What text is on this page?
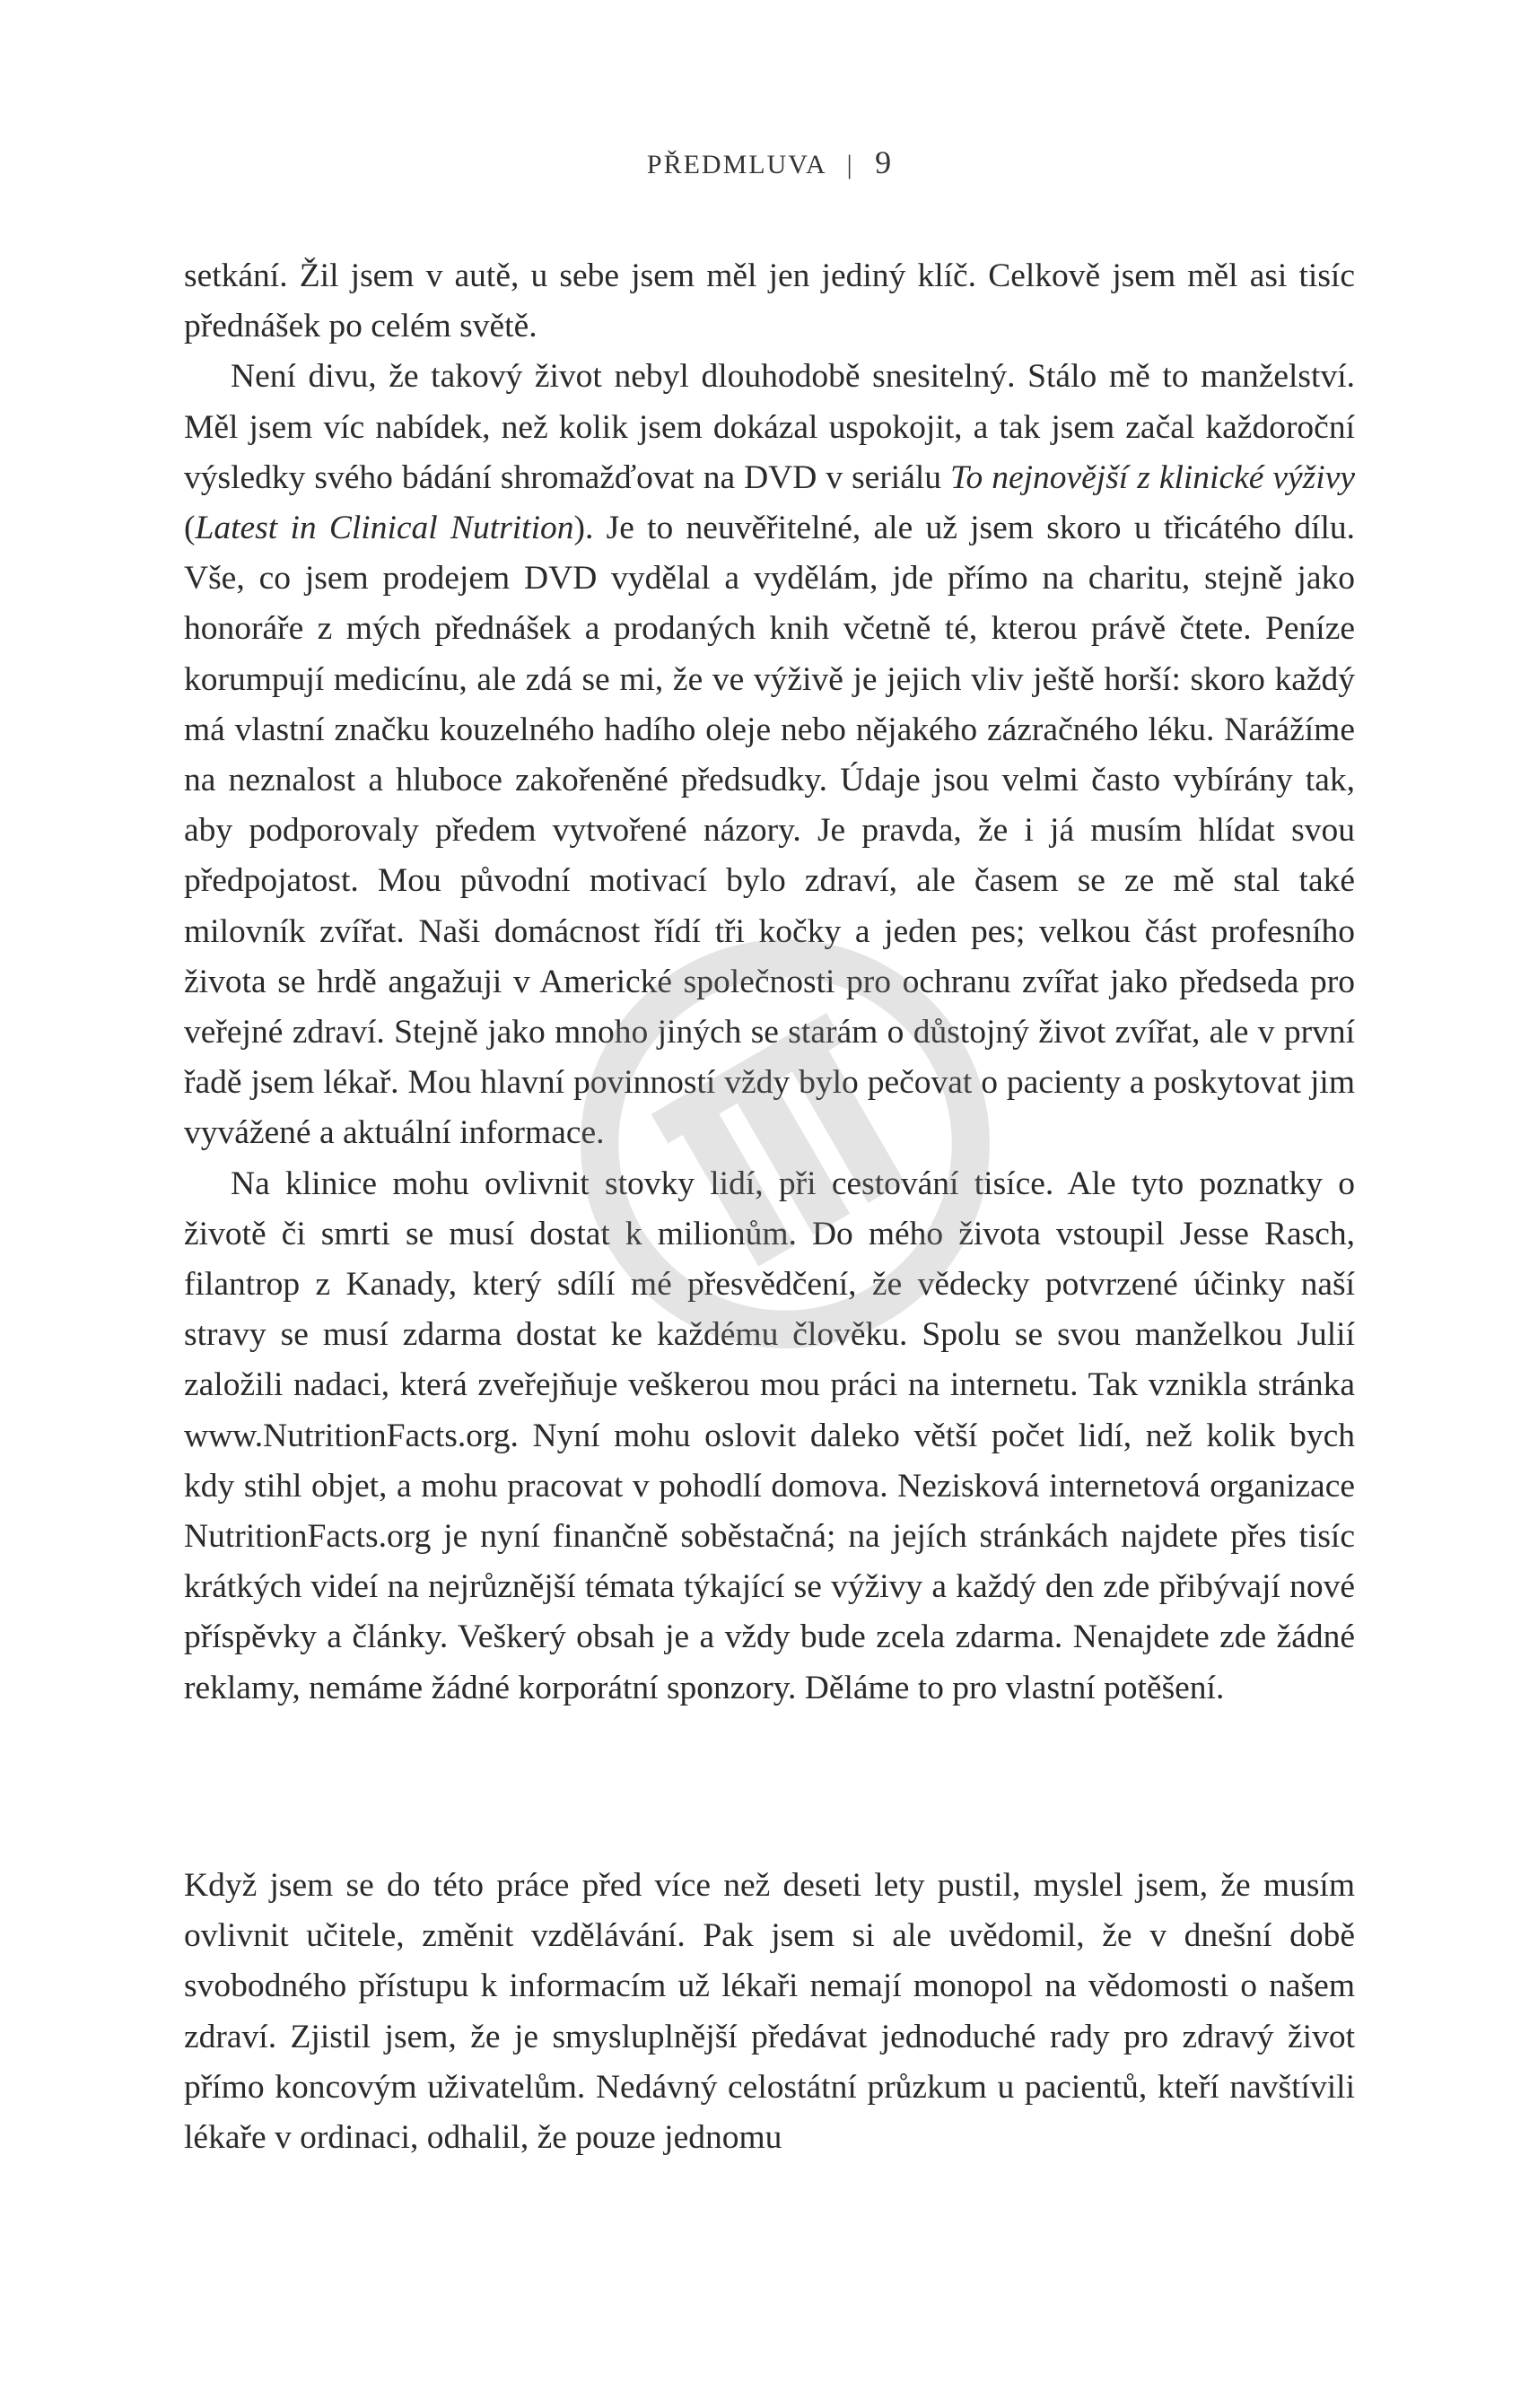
PŘEDMLUVA | 9

setkání. Žil jsem v autě, u sebe jsem měl jen jediný klíč. Celkově jsem měl asi tisíc přednášek po celém světě.

Není divu, že takový život nebyl dlouhodobě snesitelný. Stálo mě to manželství. Měl jsem víc nabídek, než kolik jsem dokázal uspokojit, a tak jsem začal každoroční výsledky svého bádání shromažďovat na DVD v seriálu To nejnovější z klinické výživy (Latest in Clinical Nutrition). Je to neuvěřitelné, ale už jsem skoro u třicátého dílu. Vše, co jsem prodejem DVD vydělal a vydělám, jde přímo na charitu, stejně jako honoráře z mých přednášek a prodaných knih včetně té, kterou právě čtete. Peníze korumpují medicínu, ale zdá se mi, že ve výživě je jejich vliv ještě horší: skoro každý má vlastní značku kouzelného hadího oleje nebo nějakého zázračného léku. Narážíme na neznalost a hluboce zakořeněné předsudky. Údaje jsou velmi často vybírány tak, aby podporovaly předem vytvořené názory. Je pravda, že i já musím hlídat svou předpojatost. Mou původní motivací bylo zdraví, ale časem se ze mě stal také milovník zvířat. Naši domácnost řídí tři kočky a jeden pes; velkou část profesního života se hrdě angažuji v Americké společnosti pro ochranu zvířat jako předseda pro veřejné zdraví. Stejně jako mnoho jiných se starám o důstojný život zvířat, ale v první řadě jsem lékař. Mou hlavní povinností vždy bylo pečovat o pacienty a poskytovat jim vyvážené a aktuální informace.

Na klinice mohu ovlivnit stovky lidí, při cestování tisíce. Ale tyto poznatky o životě či smrti se musí dostat k milionům. Do mého života vstoupil Jesse Rasch, filantrop z Kanady, který sdílí mé přesvědčení, že vědecky potvrzené účinky naší stravy se musí zdarma dostat ke každému člověku. Spolu se svou manželkou Julií založili nadaci, která zveřejňuje veškerou mou práci na internetu. Tak vznikla stránka www.NutritionFacts.org. Nyní mohu oslovit daleko větší počet lidí, než kolik bych kdy stihl objet, a mohu pracovat v pohodlí domova. Nezisková internetová organizace NutritionFacts.org je nyní finančně soběstačná; na jejích stránkách najdete přes tisíc krátkých videí na nejrůznější témata týkající se výživy a každý den zde přibývají nové příspěvky a články. Veškerý obsah je a vždy bude zcela zdarma. Nenajdete zde žádné reklamy, nemáme žádné korporátní sponzory. Děláme to pro vlastní potěšení.

Když jsem se do této práce před více než deseti lety pustil, myslel jsem, že musím ovlivnit učitele, změnit vzdělávání. Pak jsem si ale uvědomil, že v dnešní době svobodného přístupu k informacím už lékaři nemají monopol na vědomosti o našem zdraví. Zjistil jsem, že je smysluplnější předávat jednoduché rady pro zdravý život přímo koncovým uživatelům. Nedávný celostátní průzkum u pacientů, kteří navštívili lékaře v ordinaci, odhalil, že pouze jednomu
